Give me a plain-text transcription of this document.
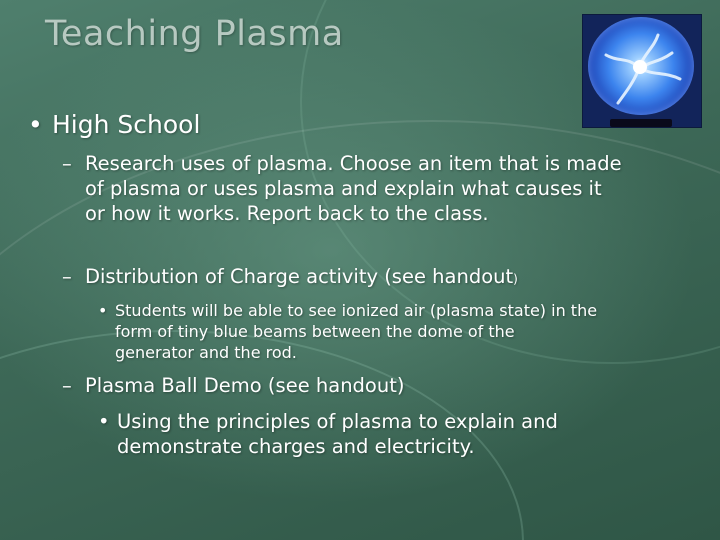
Teaching Plasma
• High School
– Research uses of plasma. Choose an item that is made of plasma or uses plasma and explain what causes it or how it works. Report back to the class.
– Distribution of Charge activity (see handout)
• Students will be able to see ionized air (plasma state) in the form of tiny blue beams between the dome of the generator and the rod.
– Plasma Ball Demo (see handout)
• Using the principles of plasma to explain and demonstrate charges and electricity.
